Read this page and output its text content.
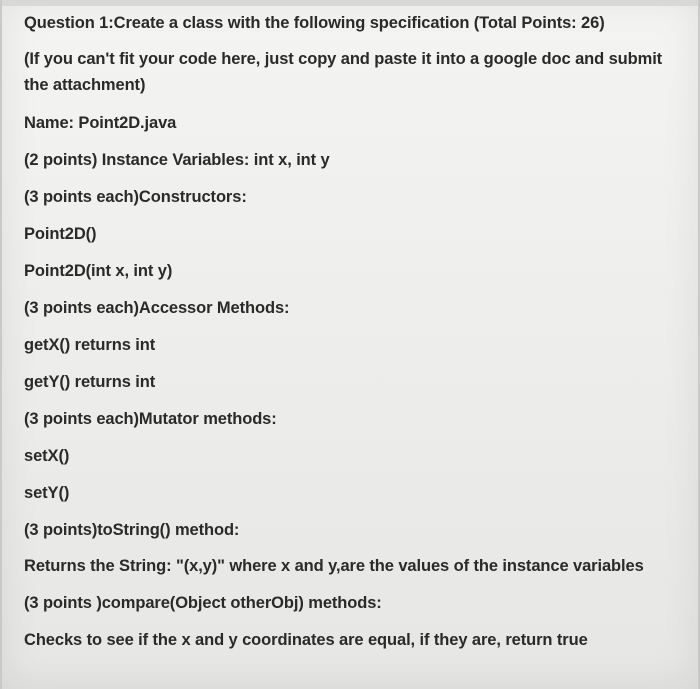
Question 1:Create a class with the following specification (Total Points: 26)
(If you can't fit your code here, just copy and paste it into a google doc and submit the attachment)
Name: Point2D.java
(2 points) Instance Variables: int x, int y
(3 points each)Constructors:
Point2D()
Point2D(int x, int y)
(3 points each)Accessor Methods:
getX() returns int
getY() returns int
(3 points each)Mutator methods:
setX()
setY()
(3 points)toString() method:
Returns the String: "(x,y)" where x and y,are the values of the instance variables
(3 points )compare(Object otherObj) methods:
Checks to see if the x and y coordinates are equal, if they are, return true
